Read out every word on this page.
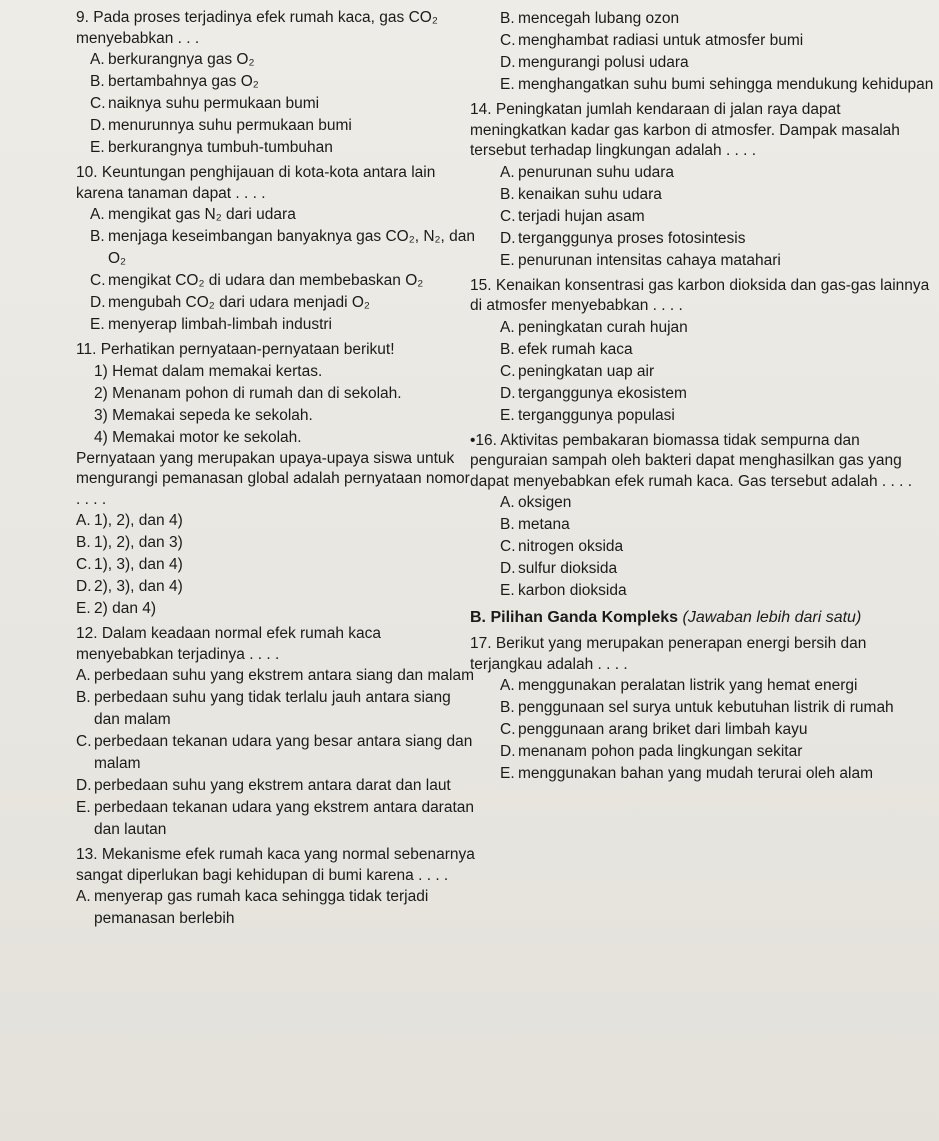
9. Pada proses terjadinya efek rumah kaca, gas CO₂ menyebabkan . . .
A. berkurangnya gas O₂
B. bertambahnya gas O₂
C. naiknya suhu permukaan bumi
D. menurunnya suhu permukaan bumi
E. berkurangnya tumbuh-tumbuhan
10. Keuntungan penghijauan di kota-kota antara lain karena tanaman dapat . . . .
A. mengikat gas N₂ dari udara
B. menjaga keseimbangan banyaknya gas CO₂, N₂, dan O₂
C. mengikat CO₂ di udara dan membebaskan O₂
D. mengubah CO₂ dari udara menjadi O₂
E. menyerap limbah-limbah industri
11. Perhatikan pernyataan-pernyataan berikut!
1) Hemat dalam memakai kertas.
2) Menanam pohon di rumah dan di sekolah.
3) Memakai sepeda ke sekolah.
4) Memakai motor ke sekolah.
Pernyataan yang merupakan upaya-upaya siswa untuk mengurangi pemanasan global adalah pernyataan nomor . . . .
A. 1), 2), dan 4)
B. 1), 2), dan 3)
C. 1), 3), dan 4)
D. 2), 3), dan 4)
E. 2) dan 4)
12. Dalam keadaan normal efek rumah kaca menyebabkan terjadinya . . . .
A. perbedaan suhu yang ekstrem antara siang dan malam
B. perbedaan suhu yang tidak terlalu jauh antara siang dan malam
C. perbedaan tekanan udara yang besar antara siang dan malam
D. perbedaan suhu yang ekstrem antara darat dan laut
E. perbedaan tekanan udara yang ekstrem antara daratan dan lautan
13. Mekanisme efek rumah kaca yang normal sebenarnya sangat diperlukan bagi kehidupan di bumi karena . . . .
A. menyerap gas rumah kaca sehingga tidak terjadi pemanasan berlebih
B. mencegah lubang ozon
C. menghambat radiasi untuk atmosfer bumi
D. mengurangi polusi udara
E. menghangatkan suhu bumi sehingga mendukung kehidupan
14. Peningkatan jumlah kendaraan di jalan raya dapat meningkatkan kadar gas karbon di atmosfer. Dampak masalah tersebut terhadap lingkungan adalah . . . .
A. penurunan suhu udara
B. kenaikan suhu udara
C. terjadi hujan asam
D. terganggunya proses fotosintesis
E. penurunan intensitas cahaya matahari
15. Kenaikan konsentrasi gas karbon dioksida dan gas-gas lainnya di atmosfer menyebabkan . . . .
A. peningkatan curah hujan
B. efek rumah kaca
C. peningkatan uap air
D. terganggunya ekosistem
E. terganggunya populasi
•16. Aktivitas pembakaran biomassa tidak sempurna dan penguraian sampah oleh bakteri dapat menghasilkan gas yang dapat menyebabkan efek rumah kaca. Gas tersebut adalah . . . .
A. oksigen
B. metana
C. nitrogen oksida
D. sulfur dioksida
E. karbon dioksida
B. Pilihan Ganda Kompleks (Jawaban lebih dari satu)
17. Berikut yang merupakan penerapan energi bersih dan terjangkau adalah . . . .
A. menggunakan peralatan listrik yang hemat energi
B. penggunaan sel surya untuk kebutuhan listrik di rumah
C. penggunaan arang briket dari limbah kayu
D. menanam pohon pada lingkungan sekitar
E. menggunakan bahan yang mudah terurai oleh alam
